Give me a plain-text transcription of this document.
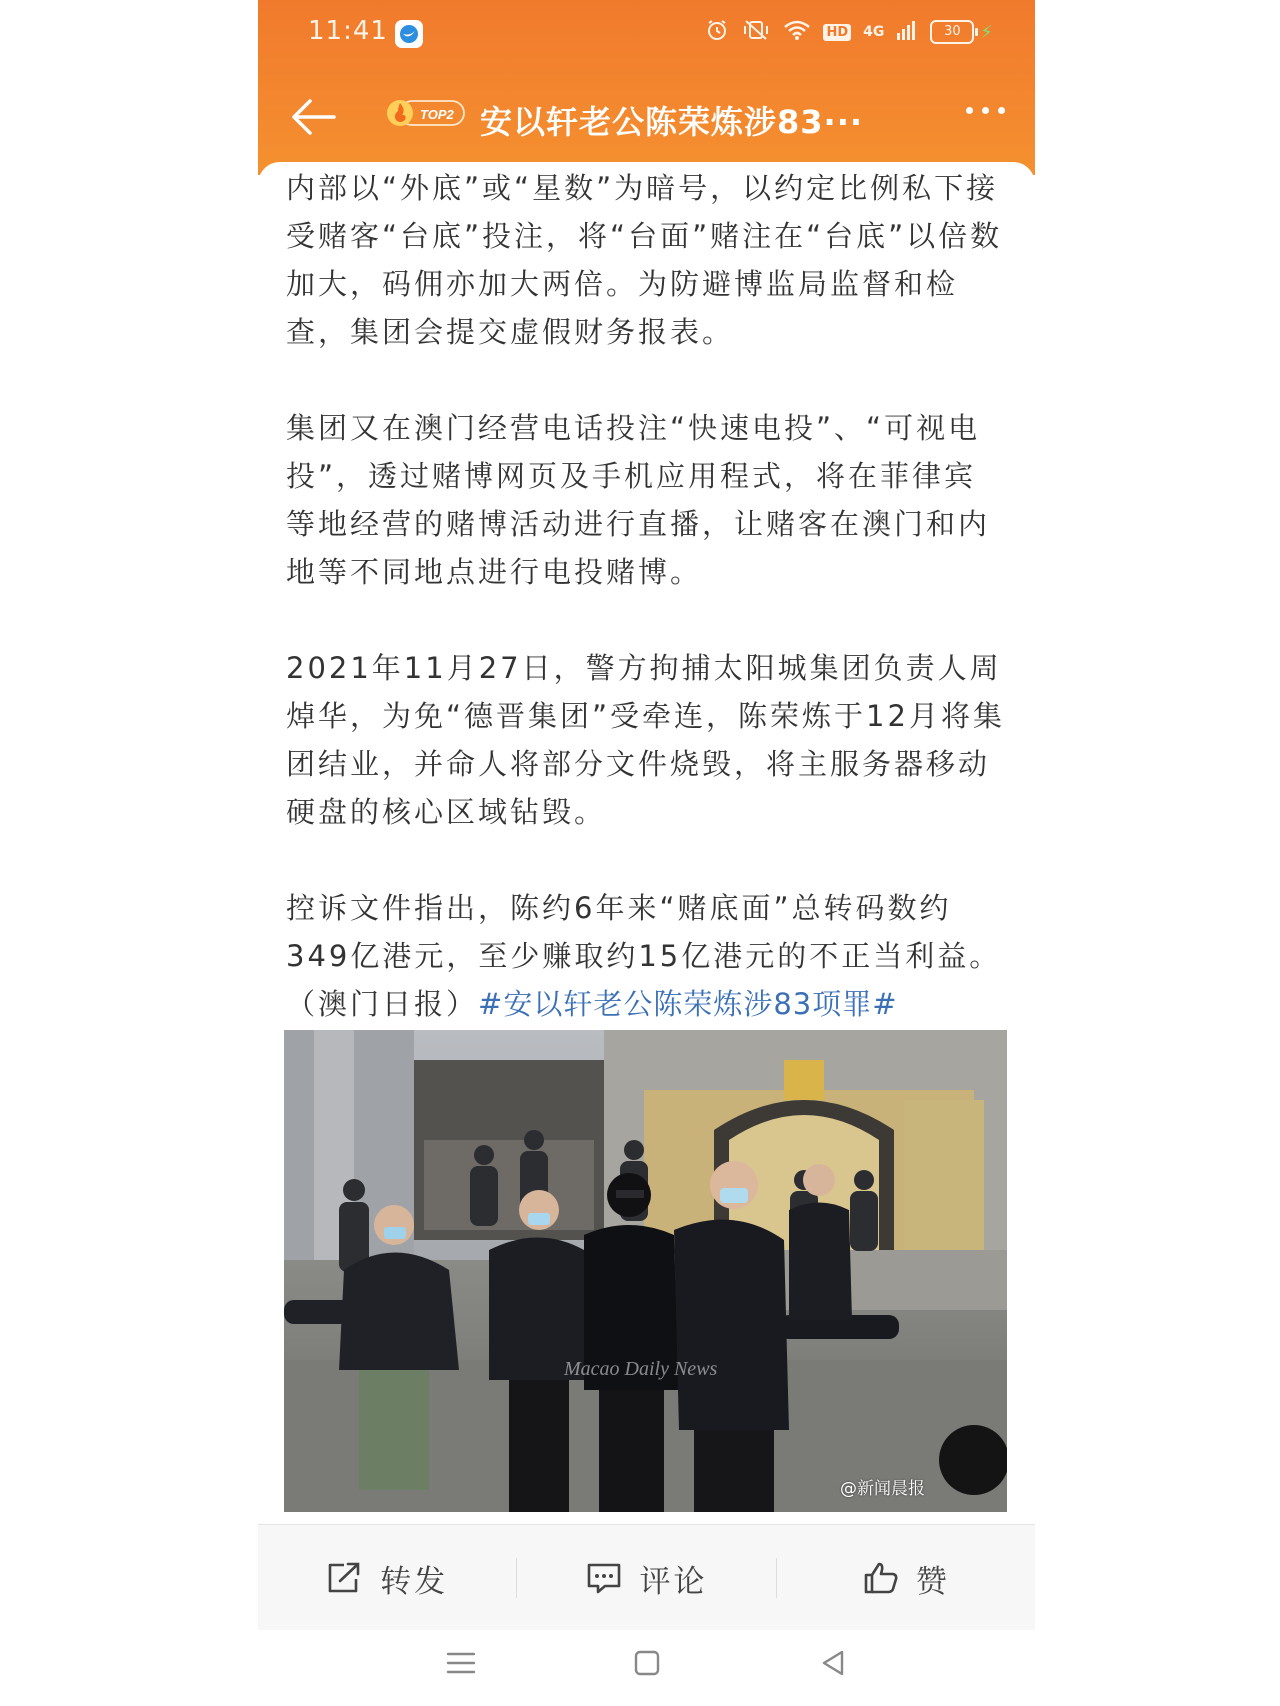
11:41	HD 4G	30	⚡
TOP2 安以轩老公陈荣炼涉83···

内部以“外底”或“星数”为暗号，以约定比例私下接受赌客“台底”投注，将“台面”赌注在“台底”以倍数加大，码佣亦加大两倍。为防避博监局监督和检查，集团会提交虚假财务报表。

集团又在澳门经营电话投注“快速电投”、“可视电投”，透过赌博网页及手机应用程式，将在菲律宾等地经营的赌博活动进行直播，让赌客在澳门和内地等不同地点进行电投赌博。

2021年11月27日，警方拘捕太阳城集团负责人周焯华，为免“德晋集团”受牵连，陈荣炼于12月将集团结业，并命人将部分文件烧毁，将主服务器移动硬盘的核心区域钻毁。

控诉文件指出，陈约6年来“赌底面”总转码数约349亿港元，至少赚取约15亿港元的不正当利益。（澳门日报）#安以轩老公陈荣炼涉83项罪#

Macao Daily News
@新闻晨报
转发	评论	赞
